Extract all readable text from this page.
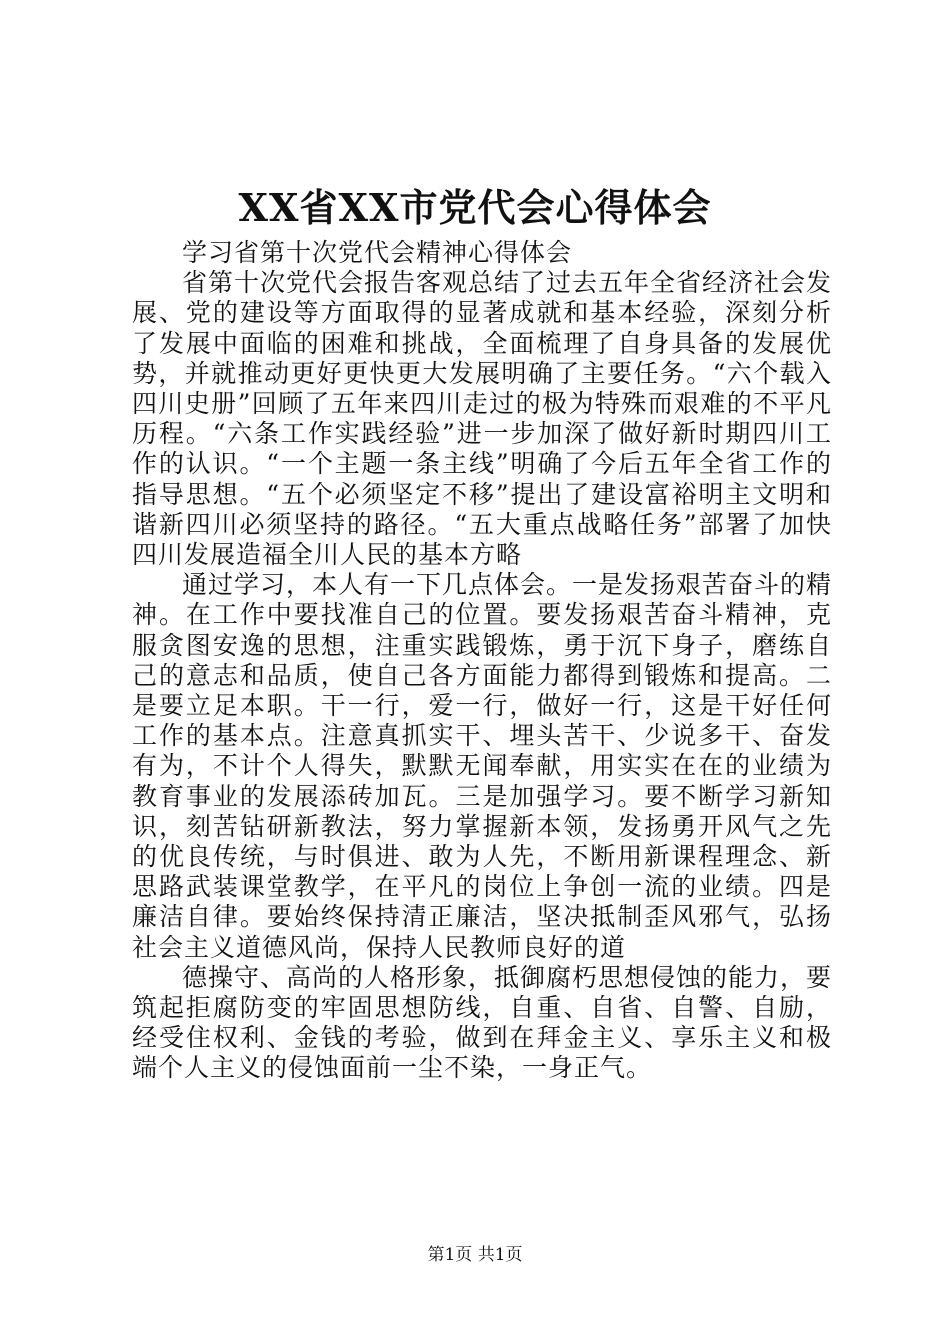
XX省XX市党代会心得体会

学习省第十次党代会精神心得体会

省第十次党代会报告客观总结了过去五年全省经济社会发展、党的建设等方面取得的显著成就和基本经验，深刻分析了发展中面临的困难和挑战，全面梳理了自身具备的发展优势，并就推动更好更快更大发展明确了主要任务。“六个载入四川史册”回顾了五年来四川走过的极为特殊而艰难的不平凡历程。“六条工作实践经验”进一步加深了做好新时期四川工作的认识。“一个主题一条主线”明确了今后五年全省工作的指导思想。“五个必须坚定不移”提出了建设富裕明主文明和谐新四川必须坚持的路径。“五大重点战略任务”部署了加快四川发展造福全川人民的基本方略

通过学习，本人有一下几点体会。一是发扬艰苦奋斗的精神。在工作中要找准自己的位置。要发扬艰苦奋斗精神，克服贪图安逸的思想，注重实践锻炼，勇于沉下身子，磨练自己的意志和品质，使自己各方面能力都得到锻炼和提高。二是要立足本职。干一行，爱一行，做好一行，这是干好任何工作的基本点。注意真抓实干、埋头苦干、少说多干、奋发有为，不计个人得失，默默无闻奉献，用实实在在的业绩为教育事业的发展添砖加瓦。三是加强学习。要不断学习新知识，刻苦钻研新教法，努力掌握新本领，发扬勇开风气之先的优良传统，与时俱进、敢为人先，不断用新课程理念、新思路武装课堂教学，在平凡的岗位上争创一流的业绩。四是廉洁自律。要始终保持清正廉洁，坚决抵制歪风邪气，弘扬社会主义道德风尚，保持人民教师良好的道

德操守、高尚的人格形象，抵御腐朽思想侵蚀的能力，要筑起拒腐防变的牢固思想防线，自重、自省、自警、自励，经受住权利、金钱的考验，做到在拜金主义、享乐主义和极端个人主义的侵蚀面前一尘不染，一身正气。

第1页 共1页
